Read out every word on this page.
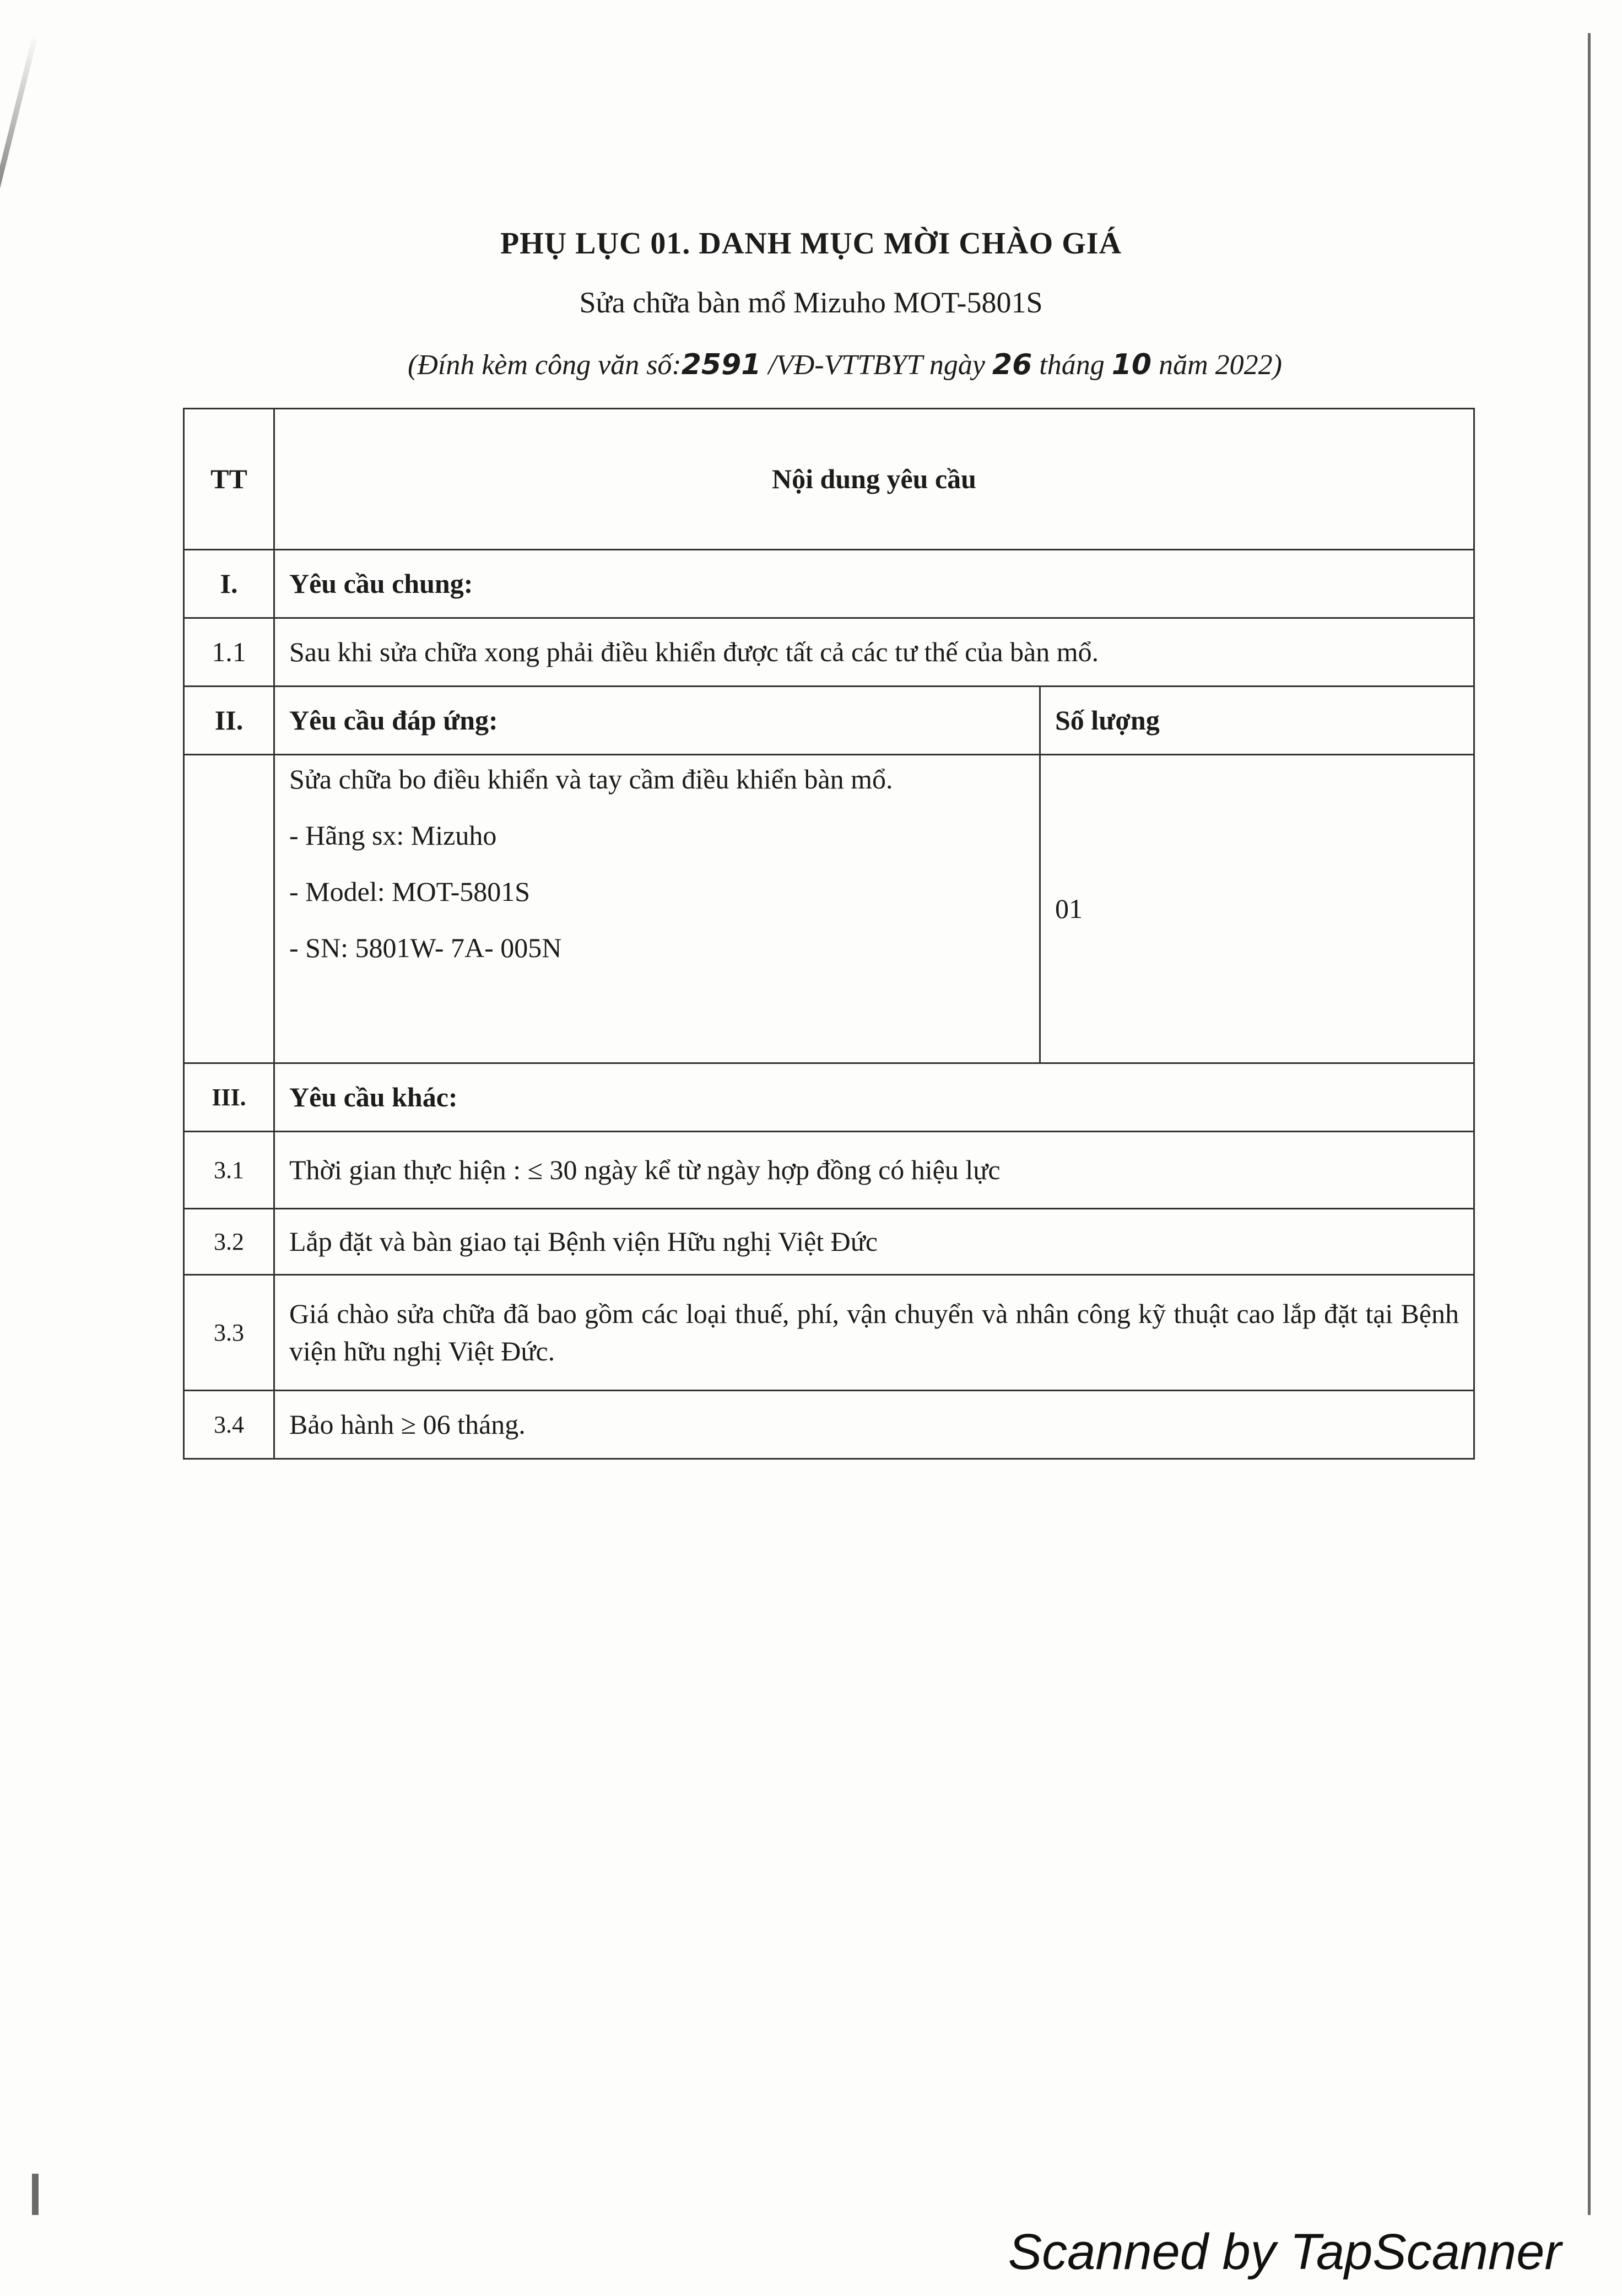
PHỤ LỤC 01. DANH MỤC MỜI CHÀO GIÁ

Sửa chữa bàn mổ Mizuho MOT-5801S

(Đính kèm công văn số:2591 /VĐ-VTTBYT ngày 26 tháng 10 năm 2022)

TT	Nội dung yêu cầu	
I.	Yêu cầu chung:	
1.1	Sau khi sửa chữa xong phải điều khiển được tất cả các tư thế của bàn mổ.	
II.	Yêu cầu đáp ứng:	Số lượng

	Sửa chữa bo điều khiển và tay cầm điều khiển bàn mổ.
- Hãng sx: Mizuho
- Model: MOT-5801S
- SN: 5801W- 7A- 005N	01
III.	Yêu cầu khác:	
3.1	Thời gian thực hiện : ≤ 30 ngày kể từ ngày hợp đồng có hiệu lực	
3.2	Lắp đặt và bàn giao tại Bệnh viện Hữu nghị Việt Đức	
3.3	Giá chào sửa chữa đã bao gồm các loại thuế, phí, vận chuyển và nhân công kỹ thuật cao lắp đặt tại Bệnh viện hữu nghị Việt Đức.	
3.4	Bảo hành ≥ 06 tháng.	
Scanned by TapScanner
